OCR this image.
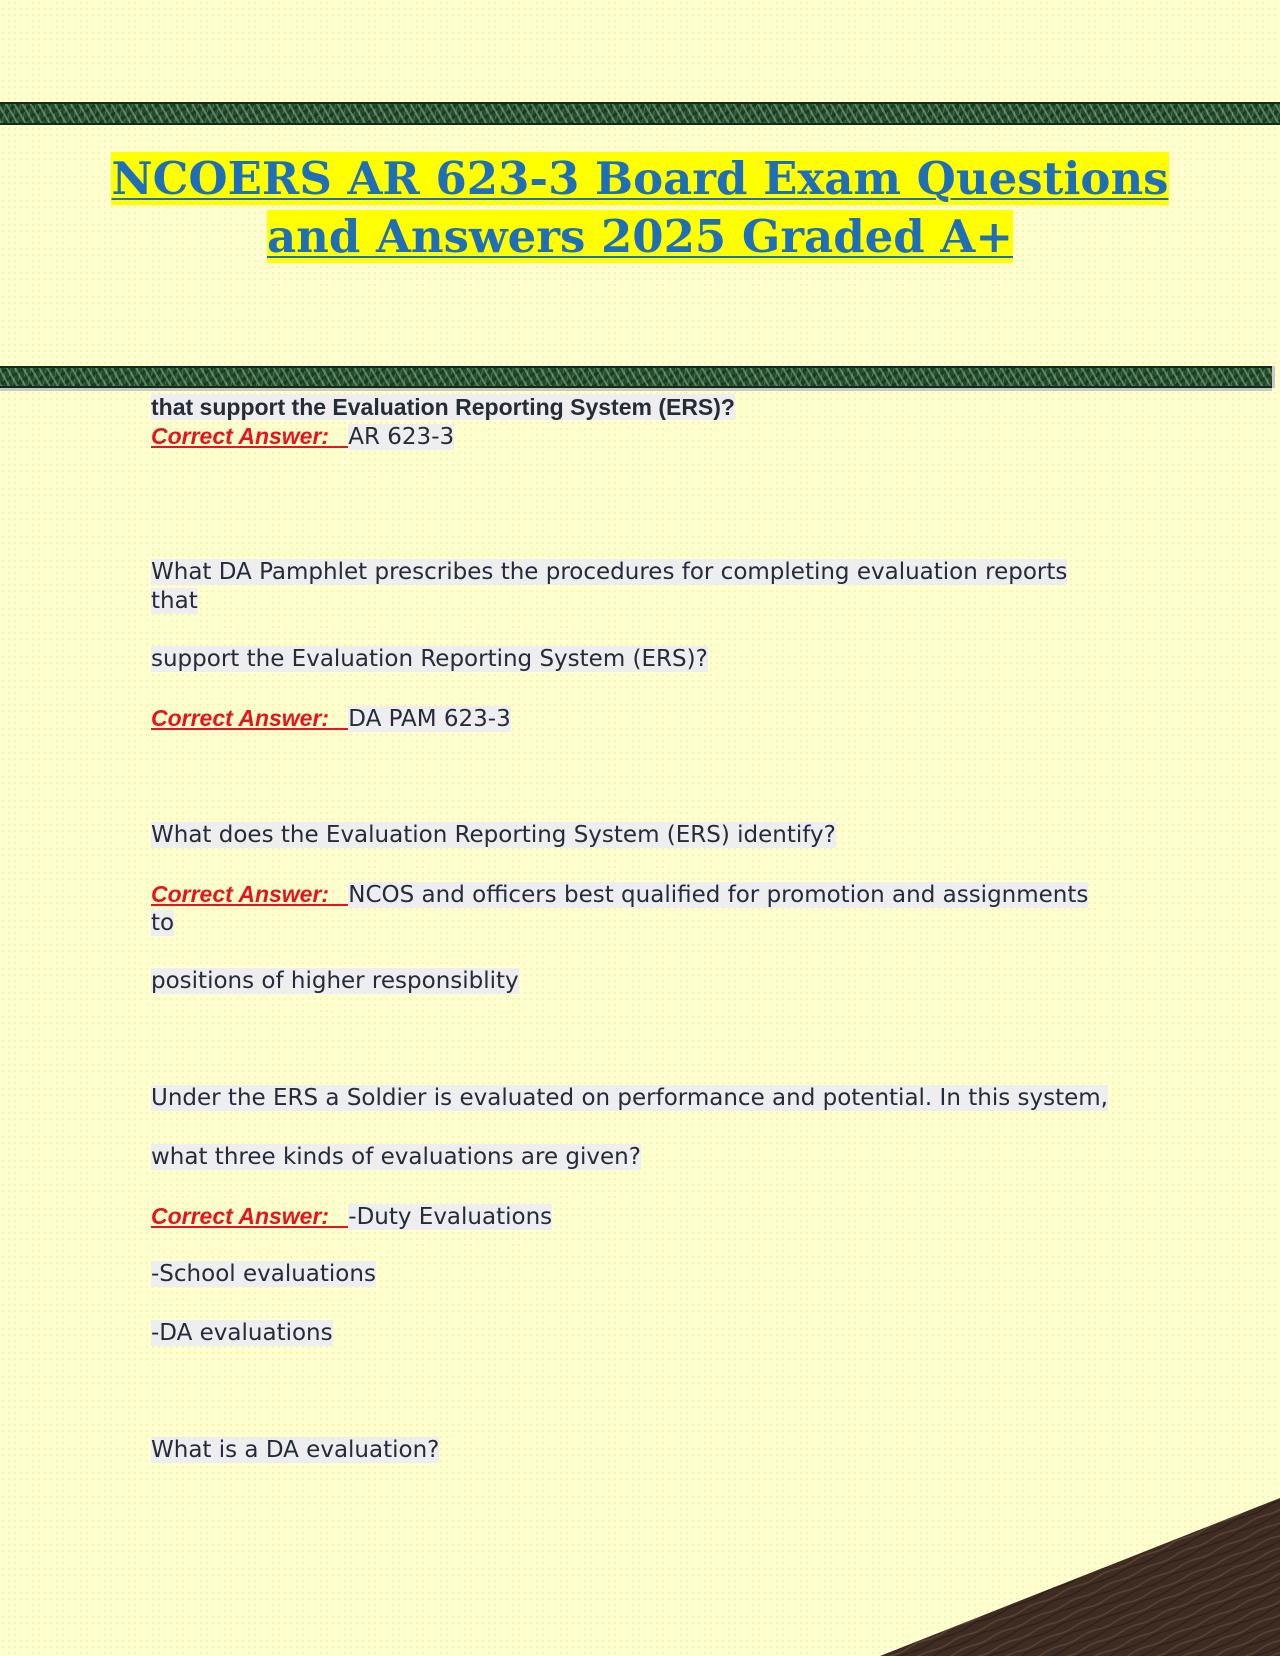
NCOERS AR 623-3 Board Exam Questions
and Answers 2025 Graded A+
that support the Evaluation Reporting System (ERS)?
Correct Answer:   AR 623-3
What DA Pamphlet prescribes the procedures for completing evaluation reports
that
support the Evaluation Reporting System (ERS)?
Correct Answer:   DA PAM 623-3
What does the Evaluation Reporting System (ERS) identify?
Correct Answer:   NCOS and officers best qualified for promotion and assignments
to
positions of higher responsiblity
Under the ERS a Soldier is evaluated on performance and potential. In this system,
what three kinds of evaluations are given?
Correct Answer:   -Duty Evaluations
-School evaluations
-DA evaluations
What is a DA evaluation?
